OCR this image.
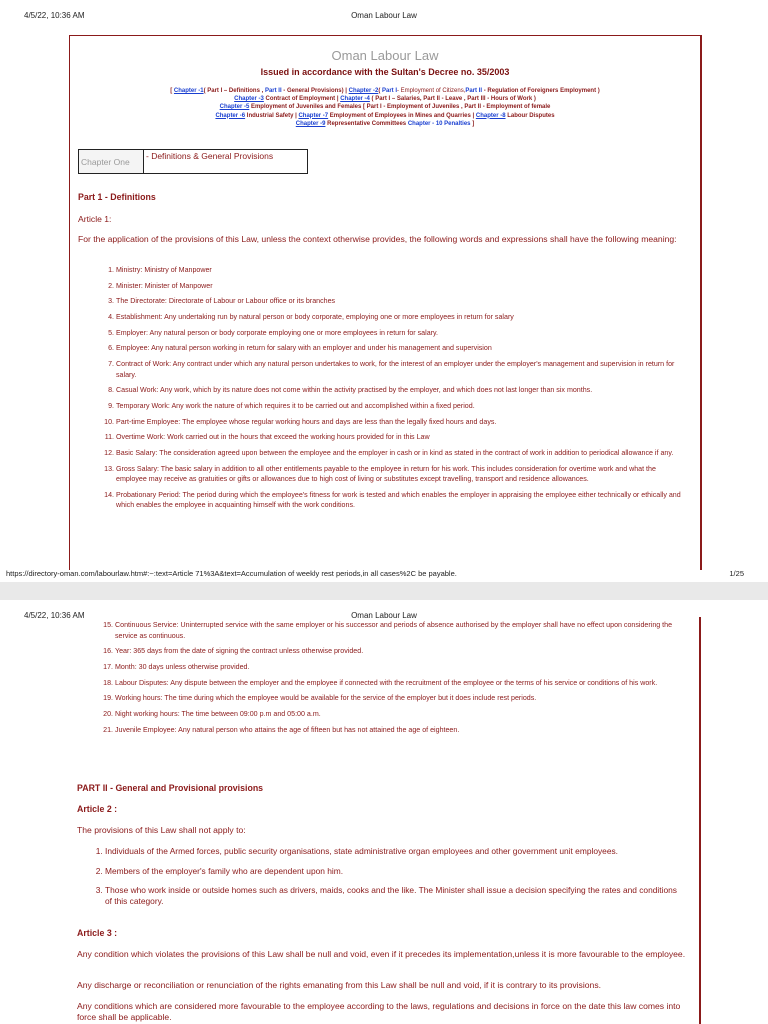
4/5/22, 10:36 AM	Oman Labour Law
Oman Labour Law
Issued in accordance with the Sultan's Decree no. 35/2003
[ Chapter -1( Part I – Definitions , Part II - General Provisions) | Chapter -2( Part I- Employment of Citizens,Part II - Regulation of Foreigners Employment )
Chapter -3 Contract of Employment | Chapter -4 ( Part I – Salaries, Part II - Leave , Part III - Hours of Work )
Chapter -5 Employment of Juveniles and Females [ Part I - Employment of Juveniles , Part II - Employment of female
Chapter -6 Industrial Safety | Chapter -7 Employment of Employees in Mines and Quarries | Chapter -8 Labour Disputes
Chapter -9 Representative Committees Chapter - 10 Penalties ]
Chapter One
- Definitions & General Provisions
Part 1 - Definitions
Article 1:
For the application of the provisions of this Law, unless the context otherwise provides, the following words and expressions shall have the following meaning:
1. Ministry: Ministry of Manpower
2. Minister: Minister of Manpower
3. The Directorate: Directorate of Labour or Labour office or its branches
4. Establishment: Any undertaking run by natural person or body corporate, employing one or more employees in return for salary
5. Employer: Any natural person or body corporate employing one or more employees in return for salary.
6. Employee: Any natural person working in return for salary with an employer and under his management and supervision
7. Contract of Work: Any contract under which any natural person undertakes to work, for the interest of an employer under the employer's management and supervision in return for salary.
8. Casual Work: Any work, which by its nature does not come within the activity practised by the employer, and which does not last longer than six months.
9. Temporary Work: Any work the nature of which requires it to be carried out and accomplished within a fixed period.
10. Part-time Employee: The employee whose regular working hours and days are less than the legally fixed hours and days.
11. Overtime Work: Work carried out in the hours that exceed the working hours provided for in this Law
12. Basic Salary: The consideration agreed upon between the employee and the employer in cash or in kind as stated in the contract of work in addition to periodical allowance if any.
13. Gross Salary: The basic salary in addition to all other entitlements payable to the employee in return for his work. This includes consideration for overtime work and what the employee may receive as gratuities or gifts or allowances due to high cost of living or substitutes except travelling, transport and residence allowances.
14. Probationary Period: The period during which the employee's fitness for work is tested and which enables the employer in appraising the employee either technically or ethically and which enables the employee in acquainting himself with the work conditions.
https://directory-oman.com/labourlaw.htm#:~:text=Article 71%3A&text=Accumulation of weekly rest periods,in all cases%2C be payable.	1/25
4/5/22, 10:36 AM	Oman Labour Law
15. Continuous Service: Uninterrupted service with the same employer or his successor and periods of absence authorised by the employer shall have no effect upon considering the service as continuous.
16. Year: 365 days from the date of signing the contract unless otherwise provided.
17. Month: 30 days unless otherwise provided.
18. Labour Disputes: Any dispute between the employer and the employee if connected with the recruitment of the employee or the terms of his service or conditions of his work.
19. Working hours: The time during which the employee would be available for the service of the employer but it does include rest periods.
20. Night working hours: The time between 09:00 p.m and 05:00 a.m.
21. Juvenile Employee: Any natural person who attains the age of fifteen but has not attained the age of eighteen.
PART II - General and Provisional provisions
Article 2 :
The provisions of this Law shall not apply to:
1. Individuals of the Armed forces, public security organisations, state administrative organ employees and other government unit employees.
2. Members of the employer's family who are dependent upon him.
3. Those who work inside or outside homes such as drivers, maids, cooks and the like. The Minister shall issue a decision specifying the rates and conditions of this category.
Article 3 :
Any condition which violates the provisions of this Law shall be null and void, even if it precedes its implementation,unless it is more favourable to the employee.
Any discharge or reconciliation or renunciation of the rights emanating from this Law shall be null and void, if it is contrary to its provisions.
Any conditions which are considered more favourable to the employee according to the laws, regulations and decisions in force on the date this law comes into force shall be applicable.
